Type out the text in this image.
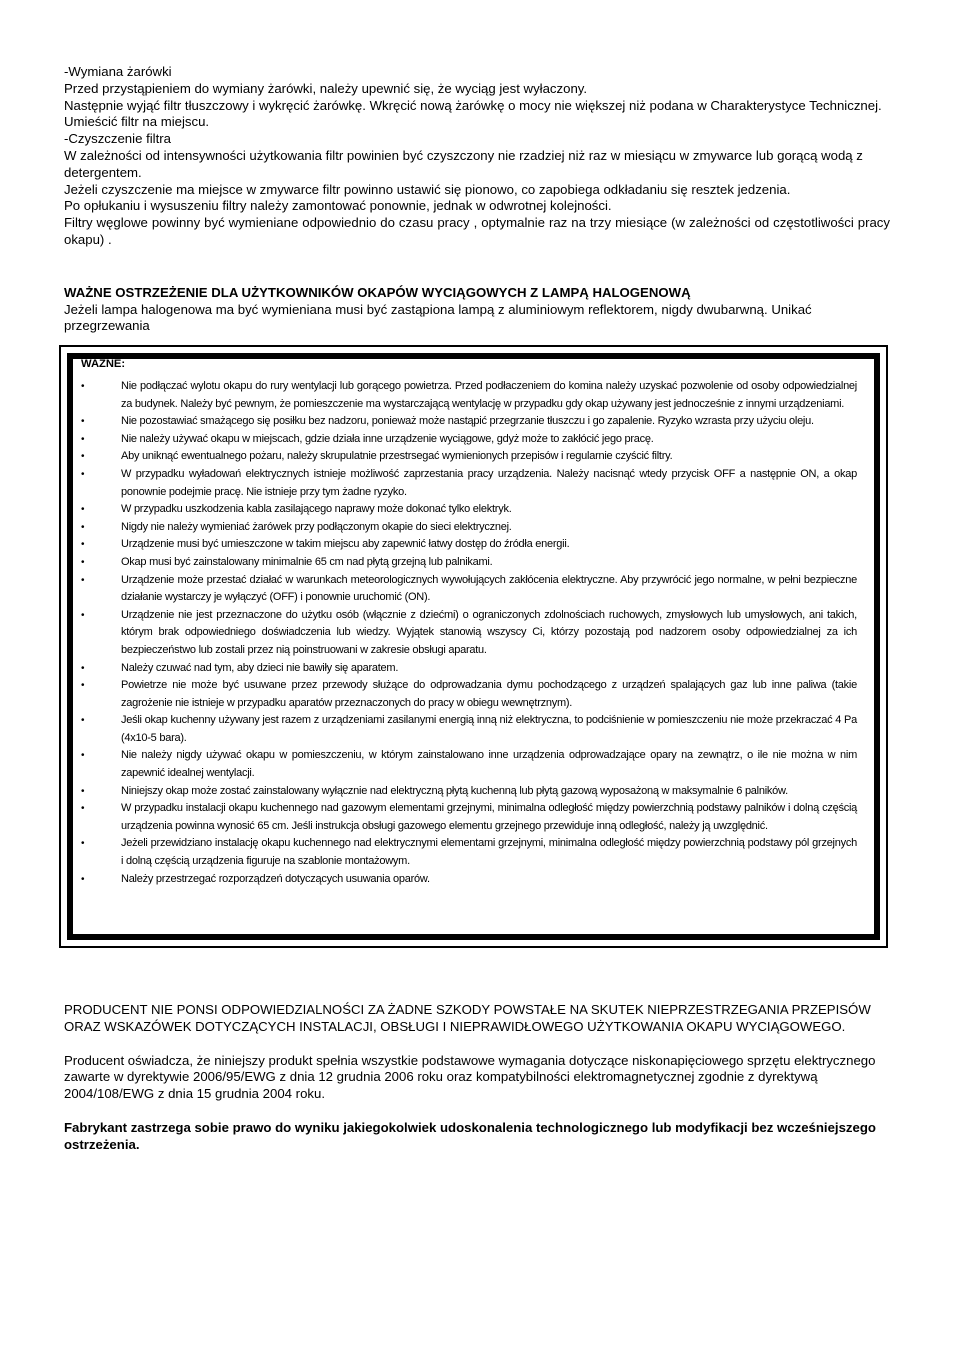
-Wymiana żarówki

Przed przystąpieniem do wymiany żarówki, należy upewnić się, że wyciąg jest wyłaczony.

Następnie wyjąć filtr tłuszczowy i wykręcić żarówkę. Wkręcić nową żarówkę o mocy nie większej niż podana w Charakterystyce Technicznej. Umieścić filtr na miejscu.

-Czyszczenie filtra

W zależności od intensywności użytkowania filtr powinien być czyszczony nie rzadziej niż raz w miesiącu w zmywarce lub gorącą wodą z detergentem.

Jeżeli czyszczenie ma miejsce w zmywarce filtr powinno ustawić się pionowo, co zapobiega odkładaniu się resztek jedzenia.

Po opłukaniu i wysuszeniu filtry należy zamontować ponownie, jednak w odwrotnej kolejności.

Filtry węglowe powinny być wymieniane odpowiednio do czasu pracy , optymalnie raz na trzy miesiące (w zależności od częstotliwości pracy okapu) .

WAŻNE OSTRZEŻENIE DLA UŻYTKOWNIKÓW OKAPÓW WYCIĄGOWYCH Z LAMPĄ HALOGENOWĄ

Jeżeli lampa halogenowa ma być wymieniana musi być zastąpiona lampą z aluminiowym reflektorem, nigdy dwubarwną. Unikać przegrzewania

WAŻNE:

•	Nie podłączać wylotu okapu do rury wentylacji lub gorącego powietrza. Przed podłaczeniem do komina należy uzyskać pozwolenie od osoby odpowiedzialnej za budynek. Należy być pewnym, że pomieszczenie ma wystarczającą wentylację w przypadku gdy okap używany jest jednocześnie z innymi urządzeniami.
•	Nie pozostawiać smażącego się posiłku bez nadzoru, ponieważ może nastąpić przegrzanie tłuszczu i go zapalenie. Ryzyko wzrasta przy użyciu oleju.
•	Nie należy używać okapu w miejscach, gdzie działa inne urządzenie wyciągowe, gdyż może to zakłócić jego pracę.
•	Aby uniknąć ewentualnego pożaru, należy skrupulatnie przestrsegać wymienionych przepisów i regularnie czyścić filtry.
•	W przypadku wyładowań elektrycznych istnieje możliwość zaprzestania pracy urządzenia. Należy nacisnąć wtedy przycisk OFF a następnie ON, a okap ponownie podejmie pracę. Nie istnieje przy tym żadne ryzyko.
•	W przypadku uszkodzenia kabla zasilającego naprawy może dokonać tylko elektryk.
•	Nigdy nie należy wymieniać żarówek przy podłączonym okapie do sieci elektrycznej.
•	Urządzenie musi być umieszczone w takim miejscu aby zapewnić łatwy dostęp do źródła energii.
•	Okap musi być zainstalowany minimalnie 65 cm nad płytą grzejną lub palnikami.
•	Urządzenie może przestać działać w warunkach meteorologicznych wywołujących zakłócenia elektryczne. Aby przywrócić jego normalne, w pełni bezpieczne działanie wystarczy je wyłączyć (OFF) i ponownie uruchomić (ON).
•	Urządzenie nie jest przeznaczone do użytku osób (włącznie z dziećmi) o ograniczonych zdolnościach ruchowych, zmysłowych lub umysłowych, ani takich, którym brak odpowiedniego doświadczenia lub wiedzy. Wyjątek stanowią wszyscy Ci, którzy pozostają pod nadzorem osoby odpowiedzialnej za ich bezpieczeństwo lub zostali przez nią poinstruowani w zakresie obsługi aparatu.
•	Należy czuwać nad tym, aby dzieci nie bawiły się aparatem.
•	Powietrze nie może być usuwane przez przewody służące do odprowadzania dymu pochodzącego z urządzeń spalających gaz lub inne paliwa (takie zagrożenie nie istnieje w przypadku aparatów przeznaczonych do pracy w obiegu wewnętrznym).
•	Jeśli okap kuchenny używany jest razem z urządzeniami zasilanymi energią inną niż elektryczna, to podciśnienie w pomieszczeniu nie może przekraczać 4 Pa (4x10-5 bara).
•	Nie należy nigdy używać okapu w pomieszczeniu, w którym zainstalowano inne urządzenia odprowadzające opary na zewnątrz, o ile nie można w nim zapewnić idealnej wentylacji.
•	Niniejszy okap może zostać zainstalowany wyłącznie nad elektryczną płytą kuchenną lub płytą gazową wyposażoną w maksymalnie 6 palników.
•	W przypadku instalacji okapu kuchennego nad gazowym elementami grzejnymi, minimalna odległość między powierzchnią podstawy palników i dolną częścią urządzenia powinna wynosić 65 cm. Jeśli instrukcja obsługi gazowego elementu grzejnego przewiduje inną odległość, należy ją uwzględnić.
•	Jeżeli przewidziano instalację okapu kuchennego nad elektrycznymi elementami grzejnymi, minimalna odległość między powierzchnią podstawy pól grzejnych i dolną częścią urządzenia figuruje na szablonie montażowym.
•	Należy przestrzegać rozporządzeń dotyczących usuwania oparów.

PRODUCENT NIE PONSI ODPOWIEDZIALNOŚCI ZA ŻADNE SZKODY POWSTAŁE NA SKUTEK NIEPRZESTRZEGANIA PRZEPISÓW ORAZ WSKAZÓWEK DOTYCZĄCYCH INSTALACJI, OBSŁUGI I NIEPRAWIDŁOWEGO UŻYTKOWANIA OKAPU WYCIĄGOWEGO.

Producent oświadcza, że niniejszy produkt spełnia wszystkie podstawowe wymagania dotyczące niskonapięciowego sprzętu elektrycznego zawarte w dyrektywie 2006/95/EWG z dnia 12 grudnia 2006 roku oraz kompatybilności elektromagnetycznej zgodnie z dyrektywą 2004/108/EWG z dnia 15 grudnia 2004 roku.

Fabrykant zastrzega sobie prawo do wyniku jakiegokolwiek udoskonalenia technologicznego lub modyfikacji bez wcześniejszego ostrzeżenia.
